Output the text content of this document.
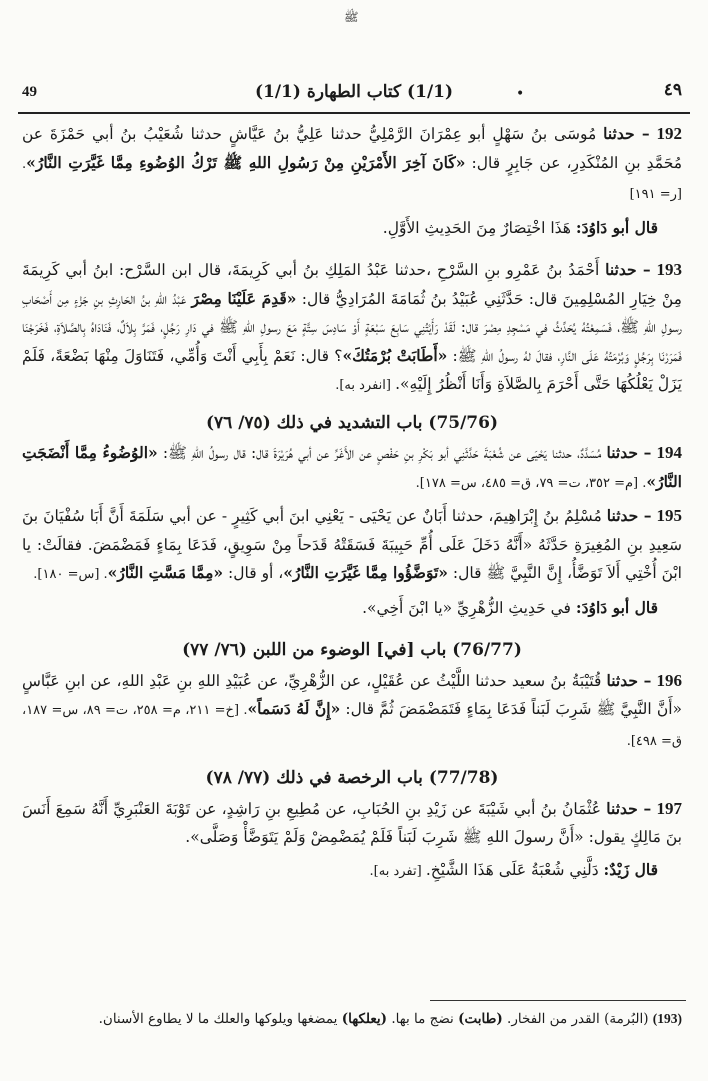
ﷺ
49	(1/1) كتاب الطهارة (1/1)	•	٤٩

192 – حدثنا مُوسَى بنُ سَهْلٍ أبو عِمْرَانَ الرَّمْلِيُّ حدثنا عَلِيُّ بنُ عَيَّاشٍ حدثنا شُعَيْبُ بنُ أبي حَمْزَةَ عن مُحَمَّدِ بنِ المُنْكَدِرِ، عن جَابِرٍ قال: «كَانَ آخِرَ الأَمْرَيْنِ مِنْ رَسُولِ اللهِ ﷺ تَرْكُ الوُضُوءِ مِمَّا غَيَّرَتِ النَّارُ». [ر= ١٩١]

قال أبو دَاوُدَ: هَذَا اخْتِصَارٌ مِنَ الحَدِيثِ الأَوَّلِ.

193 – حدثنا أَحْمَدُ بنُ عَمْرِو بنِ السَّرْحِ ،حدثنا عَبْدُ المَلِكِ بنُ أبي كَرِيمَةَ، قال ابن السَّرْح: ابنُ أبي كَرِيمَةَ مِنْ خِيَارِ المُسْلِمِينَ قال: حَدَّثَنِي عُبَيْدُ بنُ ثُمَامَةَ المُرَادِيُّ قال: «قَدِمَ عَلَيْنَا مِصْرَ عَبْدُ اللهِ بنُ الحَارِثِ بنِ جَزْءٍ مِن أَصْحَابِ رسولِ اللهِ ﷺ، فَسَمِعْتُهُ يُحَدِّثُ في مَسْجِدِ مِصْرَ قال: لَقَدْ رَأَيْتُنِي سَابِعَ سَبْعَةٍ أَوْ سَادِسَ سِتَّةٍ مَعَ رسولِ اللهِ ﷺ في دَارِ رَجُلٍ، فَمَرَّ بِلاَلٌ، فَنَادَاهُ بِالصَّلاَةِ، فَخَرَجْنَا فَمَرَرْنَا بِرَجُلٍ وَبُرْمَتُهُ عَلَى النَّارِ، فقالَ لهُ رسولُ اللهِ ﷺ: «أَطَابَتْ بُرْمَتُكَ»؟ قال: نَعَمْ بِأَبِي أَنْتَ وَأُمِّي، فَتَنَاوَلَ مِنْهَا بَضْعَةً، فَلَمْ يَزَلْ يَعْلُكُهَا حَتَّى أَحْرَمَ بِالصَّلاَةِ وَأَنَا أَنْظُرُ إِلَيْهِ». [انفرد به].

(75/76) باب التشديد في ذلك (٧٥/ ٧٦)

194 – حدثنا مُسَدَّدٌ، حدثنا يَحْيَى عن شُعْبَةَ حَدَّثَنِي أبو بَكْرِ بنِ حَفْصٍ عن الأَغَرِّ عن أبي هُرَيْرَةَ قال: قال رسولُ اللهِ ﷺ: «الوُضُوءُ مِمَّا أَنْضَجَتِ النَّارُ». [م= ٣٥٢، ت= ٧٩، ق= ٤٨٥، س= ١٧٨].

195 – حدثنا مُسْلِمُ بنُ إِبْرَاهِيمَ، حدثنا أَبَانٌ عن يَحْيَى - يَعْنِي ابنَ أبي كَثِيرٍ - عن أبي سَلَمَةَ أَنَّ أَبَا سُفْيَانَ بنَ سَعِيدِ بنِ المُغِيرَةِ حَدَّثَهُ «أَنَّهُ دَخَلَ عَلَى أُمِّ حَبِيبَةَ فَسَقَتْهُ قَدَحاً مِنْ سَوِيقٍ، فَدَعَا بِمَاءٍ فَمَضْمَضَ. فقالَتْ: يا ابْنَ أُخْتِي أَلاَ تَوَضَّأُ، إِنَّ النَّبِيَّ ﷺ قال: «تَوَضَّؤُوا مِمَّا غَيَّرَتِ النَّارُ»، أو قال: «مِمَّا مَسَّتِ النَّارُ». [س= ١٨٠].

قال أبو دَاوُدَ: في حَدِيثِ الزُّهْرِيِّ «يا ابْنَ أَخِي».

(76/77) باب [في] الوضوء من اللبن (٧٦/ ٧٧)

196 – حدثنا قُتَيْبَةُ بنُ سعيد حدثنا اللَّيْثُ عن عُقَيْلٍ، عن الزُّهْرِيِّ، عن عُبَيْدِ اللهِ بنِ عَبْدِ اللهِ، عن ابنِ عَبَّاسٍ «أَنَّ النَّبِيَّ ﷺ شَرِبَ لَبَناً فَدَعَا بِمَاءٍ فَتَمَضْمَضَ ثُمَّ قال: «إِنَّ لَهُ دَسَماً». [خ= ٢١١، م= ٢٥٨، ت= ٨٩، س= ١٨٧، ق= ٤٩٨].

(77/78) باب الرخصة في ذلك (٧٧/ ٧٨)

197 – حدثنا عُثْمَانُ بنُ أبي شَيْبَةَ عن زَيْدِ بنِ الحُبَابِ، عن مُطِيعِ بنِ رَاشِدٍ، عن تَوْبَةَ العَنْبَرِيِّ أَنَّهُ سَمِعَ أَنَسَ بنَ مَالِكٍ يقول: «أَنَّ رسولَ اللهِ ﷺ شَرِبَ لَبَناً فَلَمْ يُمَضْمِضْ وَلَمْ يَتَوَضَّأْ وَصَلَّى».

قال زَيْدٌ: دَلَّنِي شُعْبَةُ عَلَى هَذَا الشَّيْخِ. [تفرد به].

(193) (البُرمة) القدر من الفخار. (طابت) نضج ما بها. (يعلكها) يمضغها ويلوكها والعلك ما لا يطاوع الأسنان.
